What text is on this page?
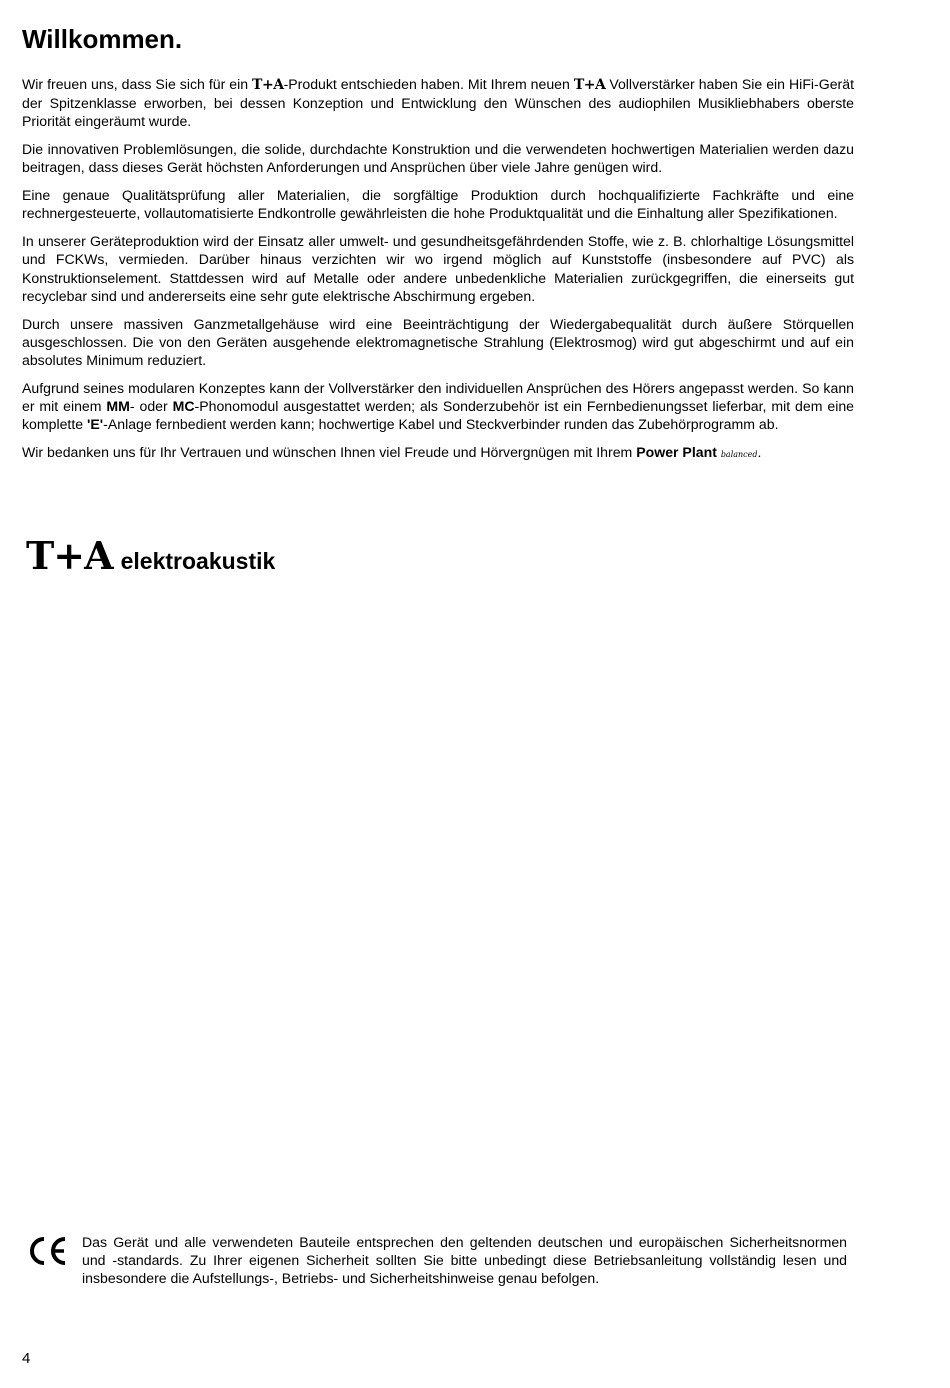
Willkommen.

Wir freuen uns, dass Sie sich für ein T+A-Produkt entschieden haben. Mit Ihrem neuen T+A Vollverstärker haben Sie ein HiFi-Gerät der Spitzenklasse erworben, bei dessen Konzeption und Entwicklung den Wünschen des audiophilen Musikliebhabers oberste Priorität eingeräumt wurde.

Die innovativen Problemlösungen, die solide, durchdachte Konstruktion und die verwendeten hochwertigen Materialien werden dazu beitragen, dass dieses Gerät höchsten Anforderungen und Ansprüchen über viele Jahre genügen wird.

Eine genaue Qualitätsprüfung aller Materialien, die sorgfältige Produktion durch hochqualifizierte Fachkräfte und eine rechnergesteuerte, vollautomatisierte Endkontrolle gewährleisten die hohe Produktqualität und die Einhaltung aller Spezifikationen.

In unserer Geräteproduktion wird der Einsatz aller umwelt- und gesundheitsgefährdenden Stoffe, wie z. B. chlorhaltige Lösungsmittel und FCKWs, vermieden. Darüber hinaus verzichten wir wo irgend möglich auf Kunststoffe (insbesondere auf PVC) als Konstruktionselement. Stattdessen wird auf Metalle oder andere unbedenkliche Materialien zurückgegriffen, die einerseits gut recyclebar sind und andererseits eine sehr gute elektrische Abschirmung ergeben.

Durch unsere massiven Ganzmetallgehäuse wird eine Beeinträchtigung der Wiedergabequalität durch äußere Störquellen ausgeschlossen. Die von den Geräten ausgehende elektromagnetische Strahlung (Elektrosmog) wird gut abgeschirmt und auf ein absolutes Minimum reduziert.

Aufgrund seines modularen Konzeptes kann der Vollverstärker den individuellen Ansprüchen des Hörers angepasst werden. So kann er mit einem MM- oder MC-Phonomodul ausgestattet werden; als Sonderzubehör ist ein Fernbedienungsset lieferbar, mit dem eine komplette 'E'-Anlage fernbedient werden kann; hochwertige Kabel und Steckverbinder runden das Zubehörprogramm ab.

Wir bedanken uns für Ihr Vertrauen und wünschen Ihnen viel Freude und Hörvergnügen mit Ihrem Power Plant balanced.

T+A elektroakustik

Das Gerät und alle verwendeten Bauteile entsprechen den geltenden deutschen und europäischen Sicherheitsnormen und -standards. Zu Ihrer eigenen Sicherheit sollten Sie bitte unbedingt diese Betriebsanleitung vollständig lesen und insbesondere die Aufstellungs-, Betriebs- und Sicherheitshinweise genau befolgen.

4
